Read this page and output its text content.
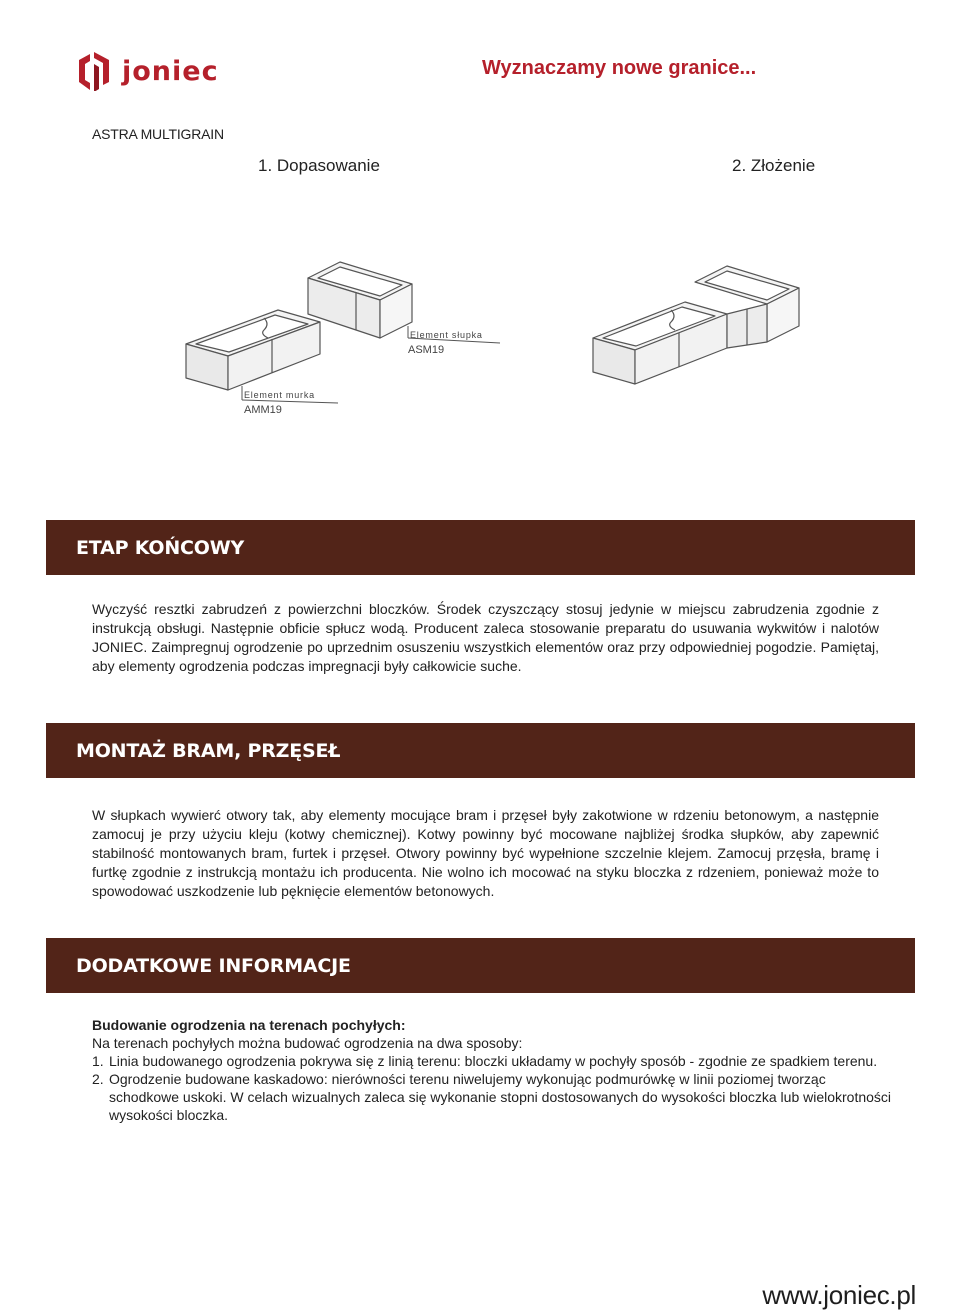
joniec	Wyznaczamy nowe granice...
ASTRA MULTIGRAIN
1. Dopasowanie	2. Złożenie
Element słupka
ASM19
Element murka
AMM19
ETAP KOŃCOWY
Wyczyść resztki zabrudzeń z powierzchni bloczków. Środek czyszczący stosuj jedynie w miejscu zabrudzenia zgodnie z instrukcją obsługi. Następnie obficie spłucz wodą. Producent zaleca stosowanie preparatu do usuwania wykwitów i nalotów JONIEC. Zaimpregnuj ogrodzenie po uprzednim osuszeniu wszystkich elementów oraz przy odpowiedniej pogodzie. Pamiętaj, aby elementy ogrodzenia podczas impregnacji były całkowicie suche.
MONTAŻ BRAM, PRZĘSEŁ
W słupkach wywierć otwory tak, aby elementy mocujące bram i przęseł były zakotwione w rdzeniu betonowym, a następnie zamocuj je przy użyciu kleju (kotwy chemicznej). Kotwy powinny być mocowane najbliżej środka słupków, aby zapewnić stabilność montowanych bram, furtek i przęseł. Otwory powinny być wypełnione szczelnie klejem. Zamocuj przęsła, bramę i furtkę zgodnie z instrukcją montażu ich producenta. Nie wolno ich mocować na styku bloczka z rdzeniem, ponieważ może to spowodować uszkodzenie lub pęknięcie elementów betonowych.
DODATKOWE INFORMACJE
Budowanie ogrodzenia na terenach pochyłych:
Na terenach pochyłych można budować ogrodzenia na dwa sposoby:
1. Linia budowanego ogrodzenia pokrywa się z linią terenu: bloczki układamy w pochyły sposób - zgodnie ze spadkiem terenu.
2. Ogrodzenie budowane kaskadowo: nierówności terenu niwelujemy wykonując podmurówkę w linii poziomej tworząc schodkowe uskoki. W celach wizualnych zaleca się wykonanie stopni dostosowanych do wysokości bloczka lub wielokrotności wysokości bloczka.
www.joniec.pl
